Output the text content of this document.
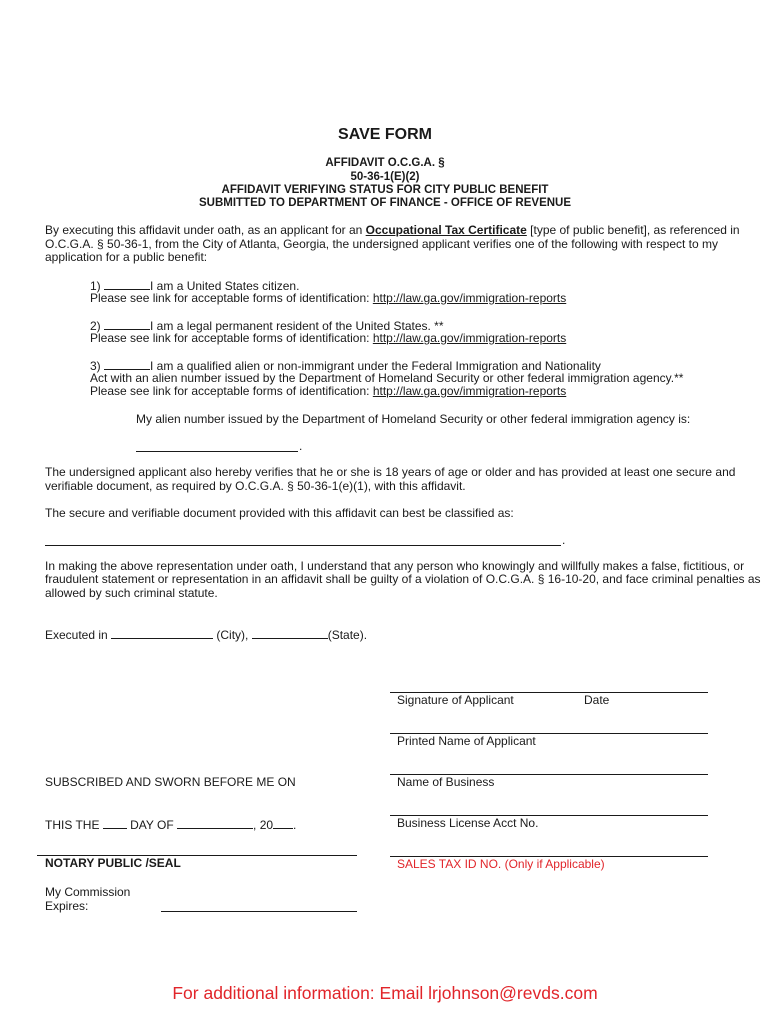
SAVE FORM
AFFIDAVIT O.C.G.A. §
50-36-1(E)(2)
AFFIDAVIT VERIFYING STATUS FOR CITY PUBLIC BENEFIT
SUBMITTED TO DEPARTMENT OF FINANCE - OFFICE OF REVENUE
By executing this affidavit under oath, as an applicant for an Occupational Tax Certificate [type of public benefit], as referenced in
O.C.G.A. § 50-36-1, from the City of Atlanta, Georgia, the undersigned applicant verifies one of the following with respect to my
application for a public benefit:
1)	I am a United States citizen.
Please see link for acceptable forms of identification: http://law.ga.gov/immigration-reports
2)	I am a legal permanent resident of the United States. **
Please see link for acceptable forms of identification: http://law.ga.gov/immigration-reports
3)	I am a qualified alien or non-immigrant under the Federal Immigration and Nationality
Act with an alien number issued by the Department of Homeland Security or other federal immigration agency.**
Please see link for acceptable forms of identification: http://law.ga.gov/immigration-reports
My alien number issued by the Department of Homeland Security or other federal immigration agency is:
.
The undersigned applicant also hereby verifies that he or she is 18 years of age or older and has provided at least one secure and
verifiable document, as required by O.C.G.A. § 50-36-1(e)(1), with this affidavit.
The secure and verifiable document provided with this affidavit can best be classified as:
.
In making the above representation under oath, I understand that any person who knowingly and willfully makes a false, fictitious, or
fraudulent statement or representation in an affidavit shall be guilty of a violation of O.C.G.A. § 16-10-20, and face criminal penalties as
allowed by such criminal statute.
Executed in	(City),	(State).
Signature of Applicant	Date
Printed Name of Applicant
Name of Business
Business License Acct No.
SALES TAX ID NO. (Only if Applicable)
SUBSCRIBED AND SWORN BEFORE ME ON
THIS THE  DAY OF	, 20 .
NOTARY PUBLIC /SEAL
My Commission
Expires:
For additional information: Email lrjohnson@revds.com
